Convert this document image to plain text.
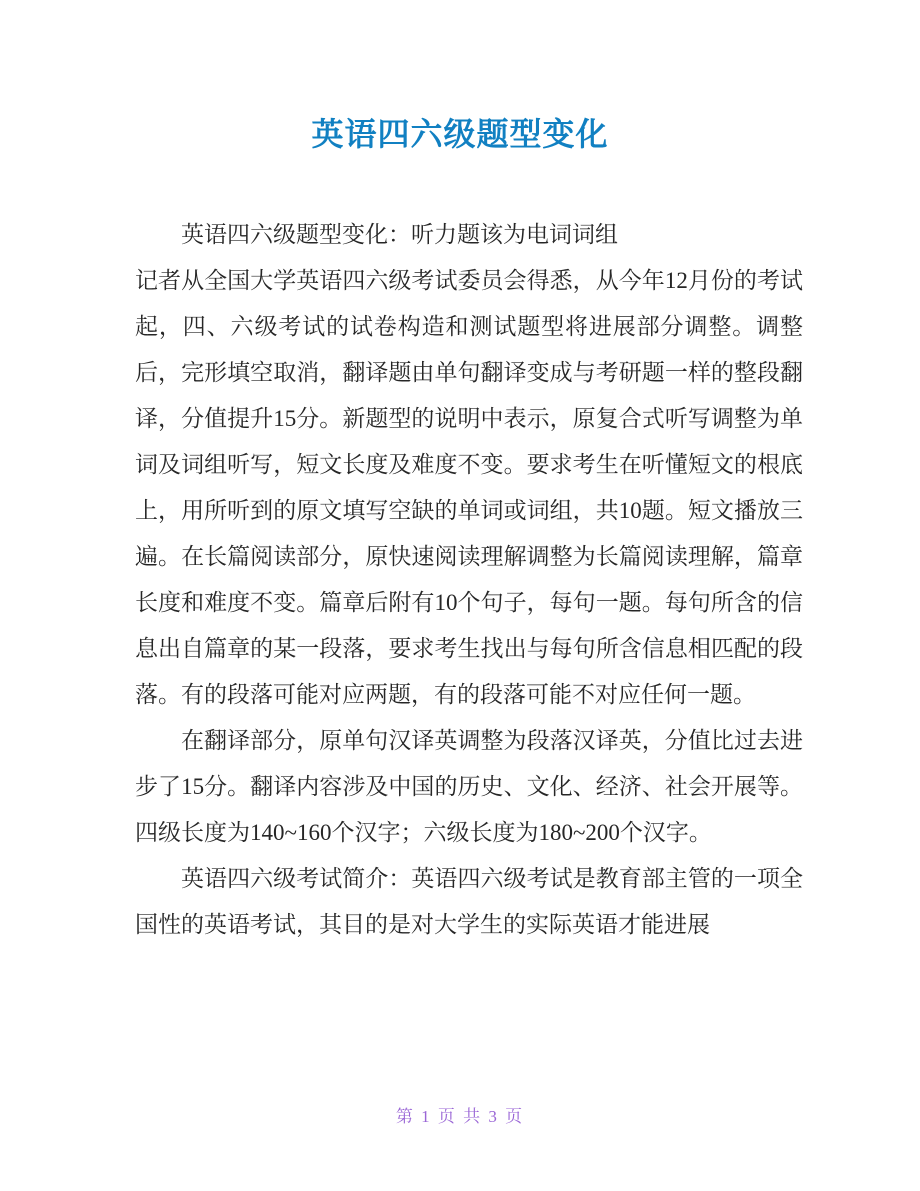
英语四六级题型变化

英语四六级题型变化：听力题该为电词词组

记者从全国大学英语四六级考试委员会得悉，从今年12月份的考试起，四、六级考试的试卷构造和测试题型将进展部分调整。调整后，完形填空取消，翻译题由单句翻译变成与考研题一样的整段翻译，分值提升15分。新题型的说明中表示，原复合式听写调整为单词及词组听写，短文长度及难度不变。要求考生在听懂短文的根底上，用所听到的原文填写空缺的单词或词组，共10题。短文播放三遍。在长篇阅读部分，原快速阅读理解调整为长篇阅读理解，篇章长度和难度不变。篇章后附有10个句子，每句一题。每句所含的信息出自篇章的某一段落，要求考生找出与每句所含信息相匹配的段落。有的段落可能对应两题，有的段落可能不对应任何一题。

在翻译部分，原单句汉译英调整为段落汉译英，分值比过去进步了15分。翻译内容涉及中国的历史、文化、经济、社会开展等。四级长度为140~160个汉字；六级长度为180~200个汉字。

英语四六级考试简介：英语四六级考试是教育部主管的一项全国性的英语考试，其目的是对大学生的实际英语才能进展

第 1 页 共 3 页
